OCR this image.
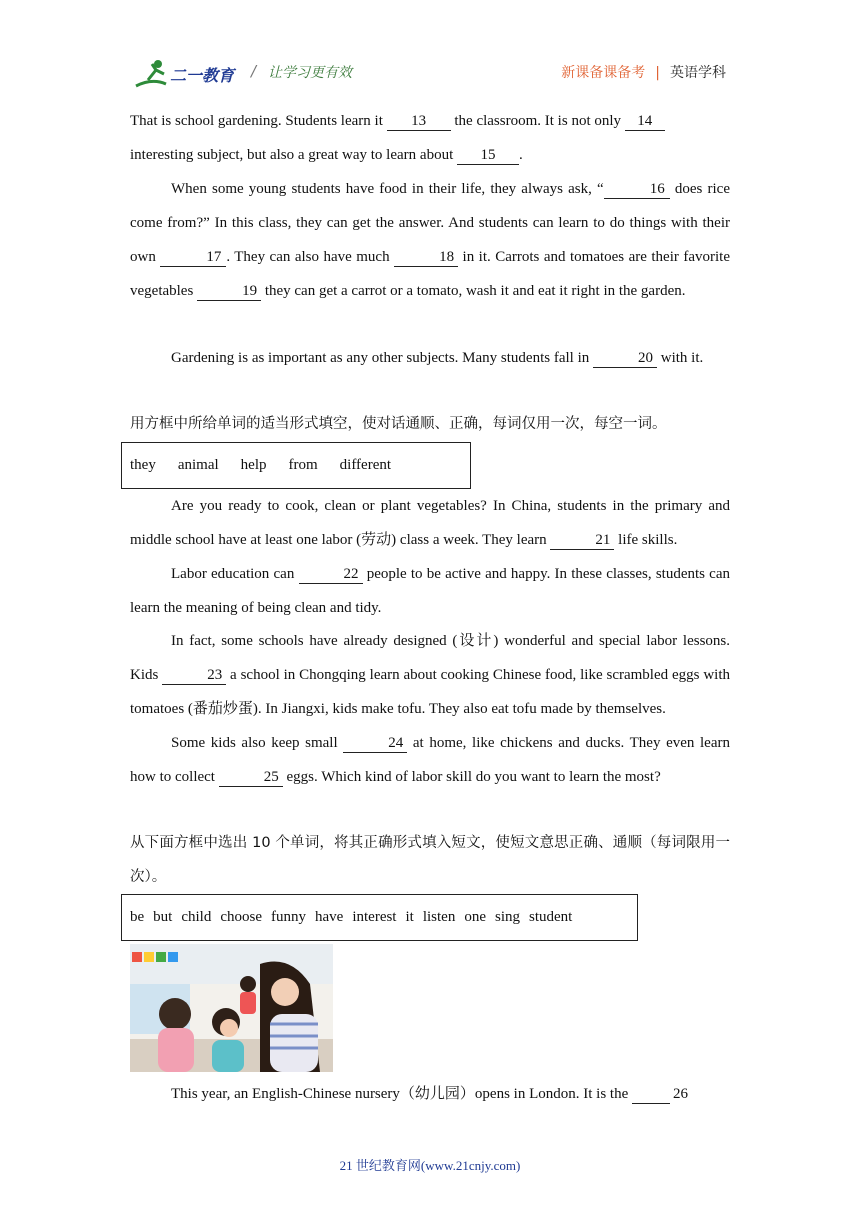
二一教育 / 让学习更有效	新课备课备考 | 英语学科
That is school gardening. Students learn it 13 the classroom. It is not only 14
interesting subject, but also a great way to learn about 15 .
When some young students have food in their life, they always ask, “	16 does rice come from?” In this class, they can get the answer. And students can learn to do things with their own	17 . They can also have much	18 in it. Carrots and tomatoes are their favorite vegetables	19 they can get a carrot or a tomato, wash it and eat it right in the garden.
Gardening is as important as any other subjects. Many students fall in	20 with it.
用方框中所给单词的适当形式填空，使对话通顺、正确，每词仅用一次，每空一词。
they animal help from different
Are you ready to cook, clean or plant vegetables? In China, students in the primary and middle school have at least one labor (劳动) class a week. They learn	21 life skills.
Labor education can	22 people to be active and happy. In these classes, students can learn the meaning of being clean and tidy.
In fact, some schools have already designed (设计) wonderful and special labor lessons. Kids	23 a school in Chongqing learn about cooking Chinese food, like scrambled eggs with tomatoes (番茄炒蛋). In Jiangxi, kids make tofu. They also eat tofu made by themselves.
Some kids also keep small	24 at home, like chickens and ducks. They even learn how to collect	25 eggs. Which kind of labor skill do you want to learn the most?
从下面方框中选出 10 个单词，将其正确形式填入短文，使短文意思正确、通顺（每词限用一次）。
be but child choose funny have interest it listen one sing student
This year, an English-Chinese nursery（幼儿园）opens in London. It is the	26
21 世纪教育网(www.21cnjy.com)
